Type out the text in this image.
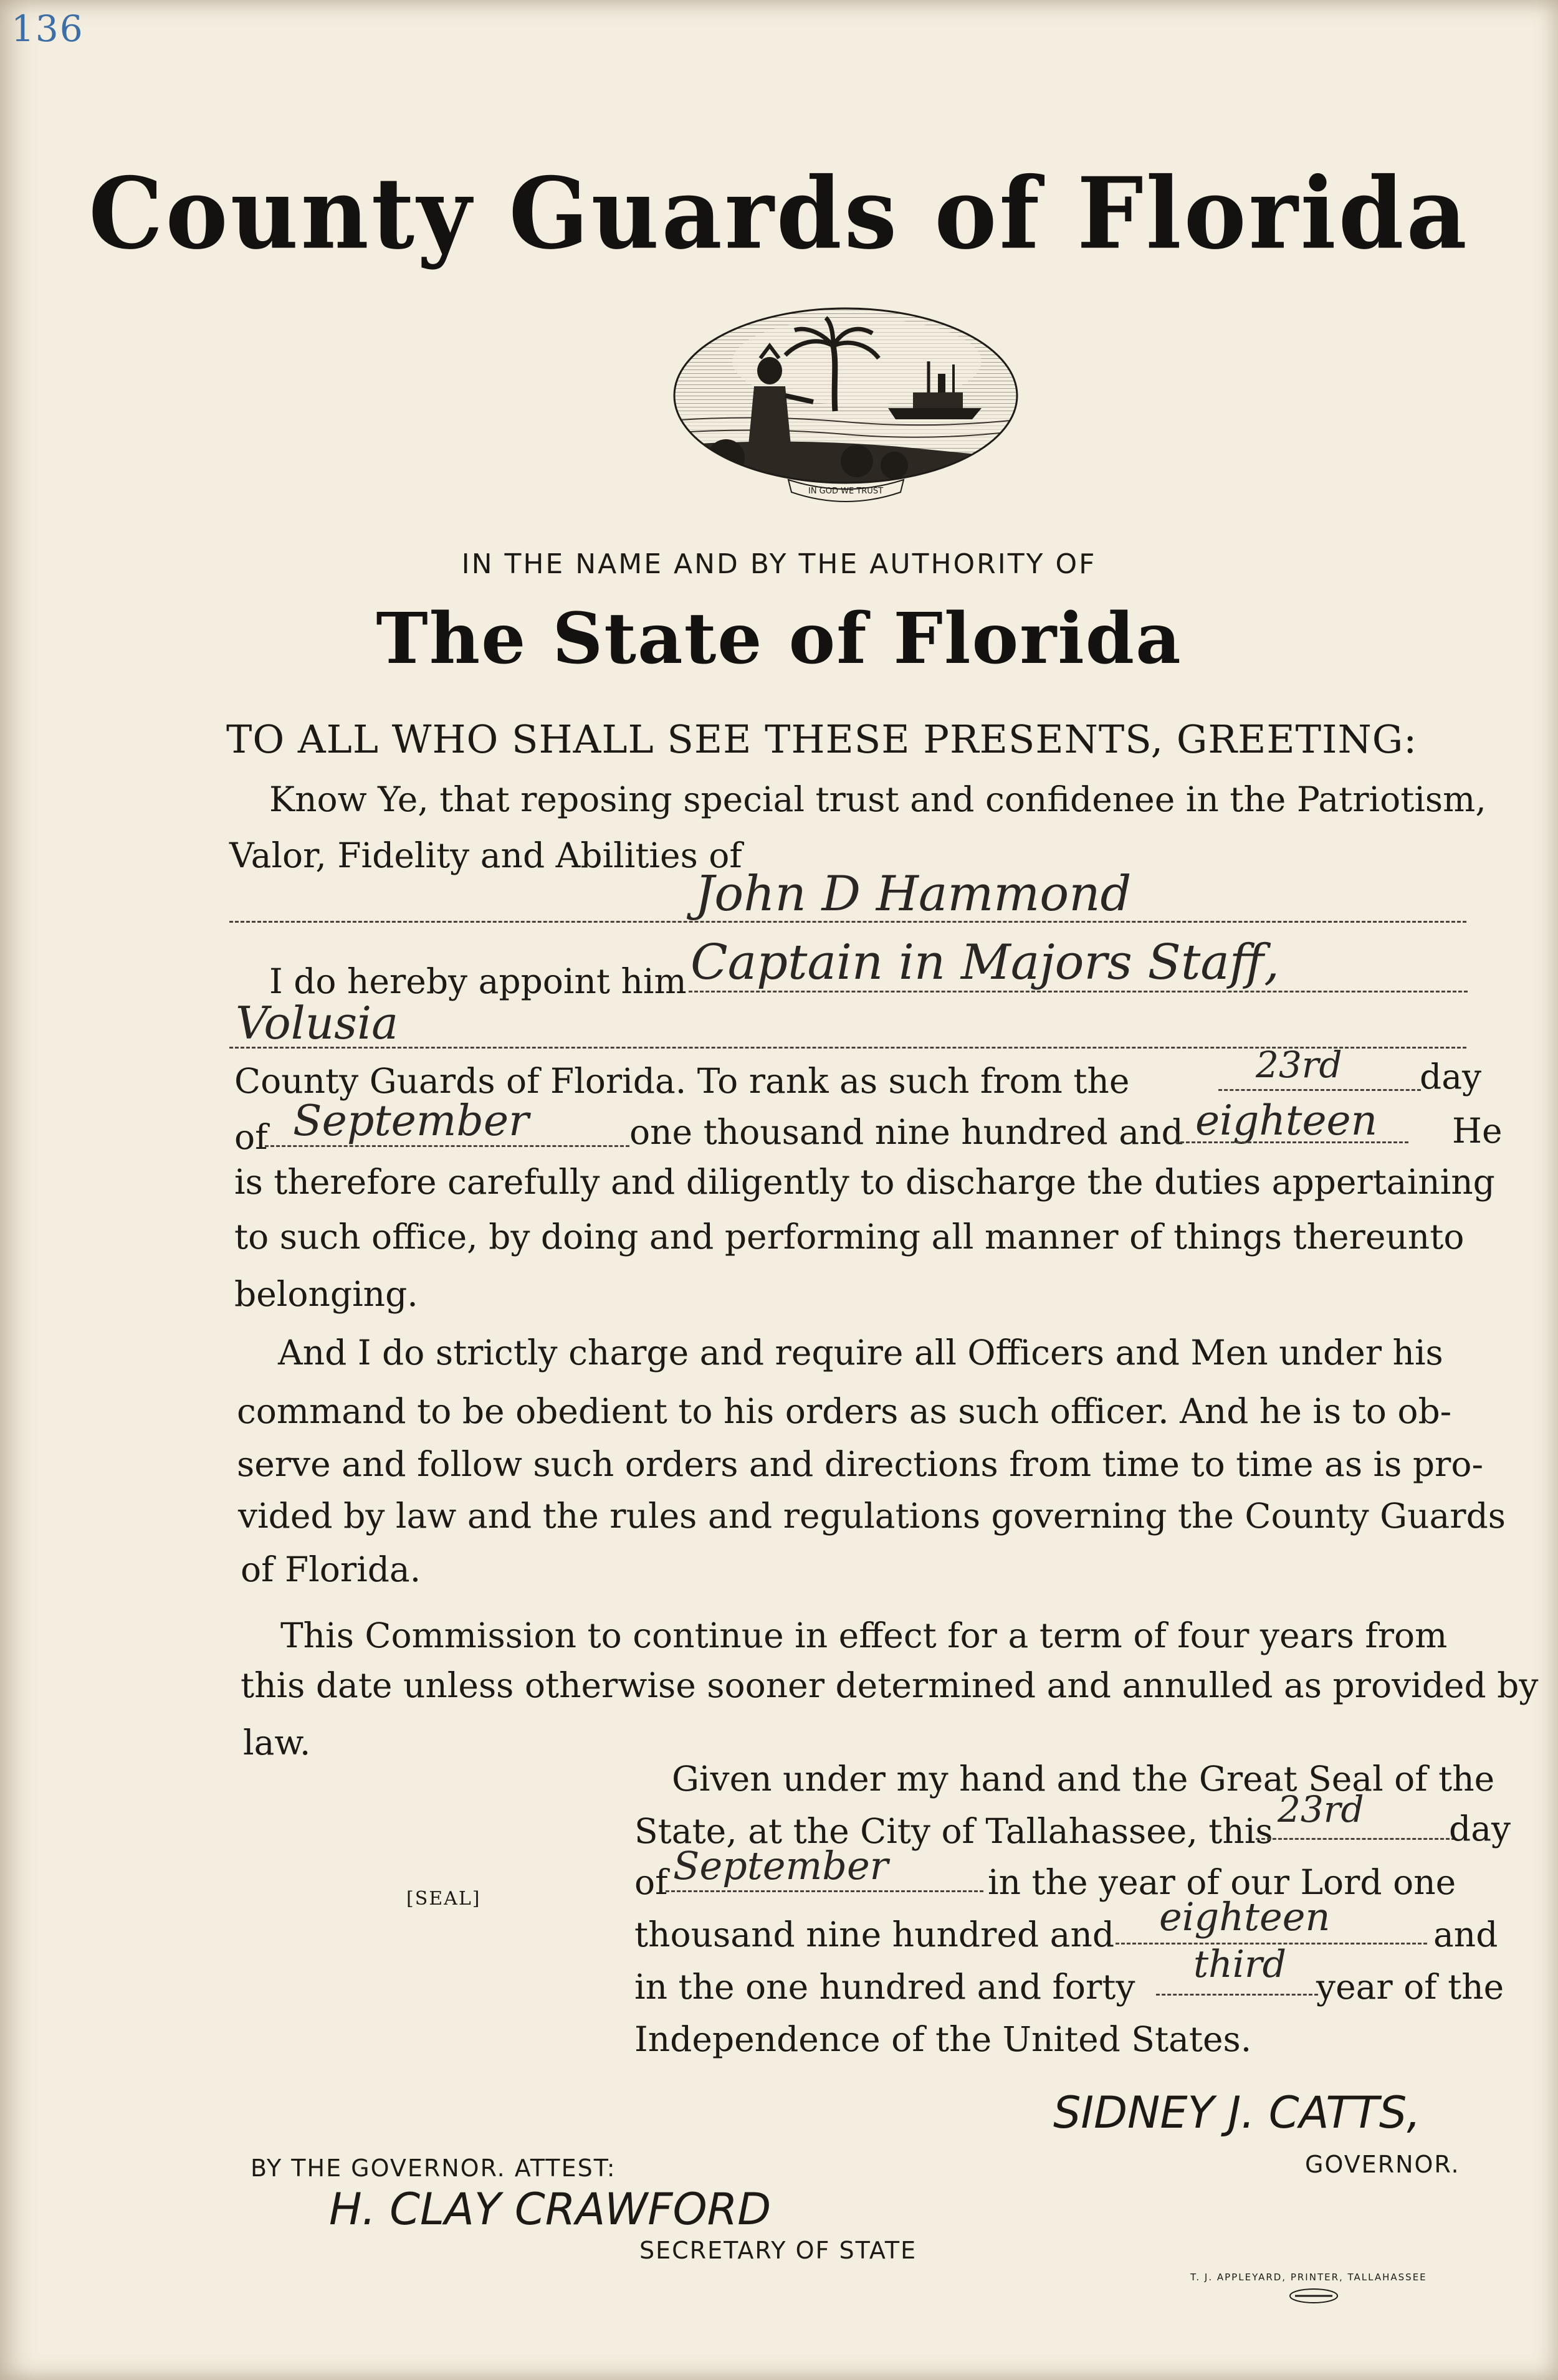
136
County Guards of Florida
IN GOD WE TRUST
IN THE NAME AND BY THE AUTHORITY OF
The State of Florida
TO ALL WHO SHALL SEE THESE PRESENTS, GREETING:
Know Ye, that reposing special trust and confidenee in the Patriotism,
Valor, Fidelity and Abilities of
John D Hammond
I do hereby appoint him Captain in Majors Staff,
Volusia
County Guards of Florida. To rank as such from the	23rd day
of September	one thousand nine hundred and eighteen He
is therefore carefully and diligently to discharge the duties appertaining
to such office, by doing and performing all manner of things thereunto
belonging.
And I do strictly charge and require all Officers and Men under his
command to be obedient to his orders as such officer. And he is to ob-
serve and follow such orders and directions from time to time as is pro-
vided by law and the rules and regulations governing the County Guards
of Florida.
This Commission to continue in effect for a term of four years from
this date unless otherwise sooner determined and annulled as provided by
law.
Given under my hand and the Great Seal of the
State, at the City of Tallahassee, this
23rd day
of September	in the year of our Lord one
thousand nine hundred and eighteen	and
in the one hundred and forty
third
year of the
Independence of the United States.
[SEAL]
SIDNEY J. CATTS,
GOVERNOR.
BY THE GOVERNOR. ATTEST:
H. CLAY CRAWFORD
SECRETARY OF STATE
T. J. APPLEYARD, PRINTER, TALLAHASSEE
